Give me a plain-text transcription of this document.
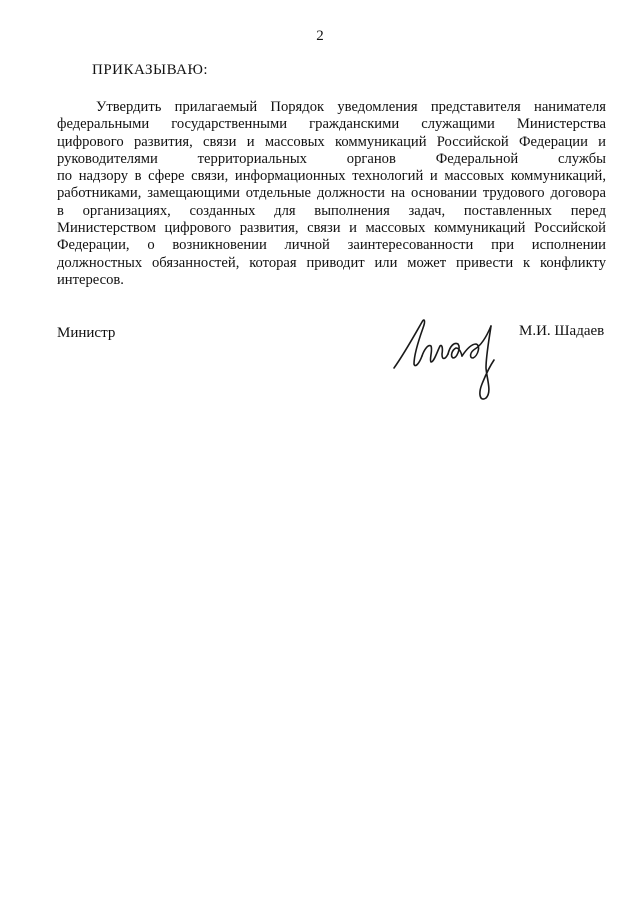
2
ПРИКАЗЫВАЮ:
Утвердить прилагаемый Порядок уведомления представителя нанимателя
федеральными государственными гражданскими служащими Министерства
цифрового развития, связи и массовых коммуникаций Российской Федерации и
руководителями территориальных органов Федеральной службы
по надзору в сфере связи, информационных технологий и массовых коммуникаций,
работниками, замещающими отдельные должности на основании трудового договора
в организациях, созданных для выполнения задач, поставленных перед
Министерством цифрового развития, связи и массовых коммуникаций Российской
Федерации, о возникновении личной заинтересованности при исполнении
должностных обязанностей, которая приводит или может привести к конфликту
интересов.
Министр	М.И. Шадаев
